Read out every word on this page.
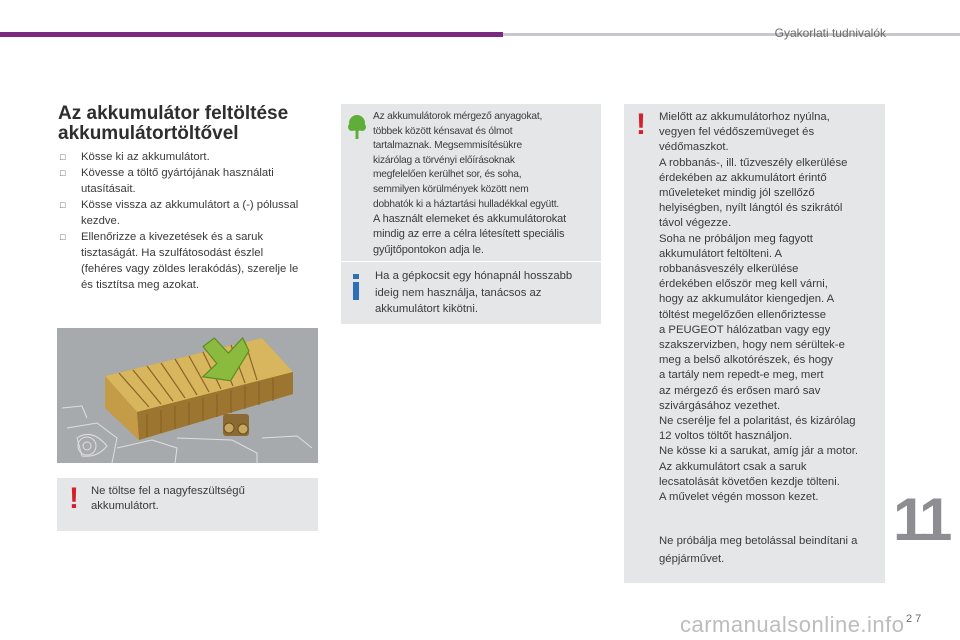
Gyakorlati tudnivalók
Az akkumulátor feltöltése
akkumulátortöltővel
□ Kösse ki az akkumulátort.
□ Kövesse a töltő gyártójának használati
utasításait.
□ Kösse vissza az akkumulátort a (-) pólussal
kezdve.
□ Ellenőrizze a kivezetések és a saruk
tisztaságát. Ha szulfátosodást észlel
(fehéres vagy zöldes lerakódás), szerelje le
és tisztítsa meg azokat.
! Ne töltse fel a nagyfeszültségű
akkumulátort.
Az akkumulátorok mérgező anyagokat,
többek között kénsavat és ólmot
tartalmaznak. Megsemmisítésükre
kizárólag a törvényi előírásoknak
megfelelően kerülhet sor, és soha,
semmilyen körülmények között nem
dobhatók ki a háztartási hulladékkal együtt.
A használt elemeket és akkumulátorokat
mindig az erre a célra létesített speciális
gyűjtőpontokon adja le.
Ha a gépkocsit egy hónapnál hosszabb
ideig nem használja, tanácsos az
akkumulátort kikötni.
! Mielőtt az akkumulátorhoz nyúlna,
vegyen fel védőszemüveget és
védőmaszkot.
A robbanás-, ill. tűzveszély elkerülése
érdekében az akkumulátort érintő
műveleteket mindig jól szellőző
helyiségben, nyílt lángtól és szikrától
távol végezze.
Soha ne próbáljon meg fagyott
akkumulátort feltölteni. A
robbanásveszély elkerülése
érdekében először meg kell várni,
hogy az akkumulátor kiengedjen. A
töltést megelőzően ellenőriztesse
a PEUGEOT hálózatban vagy egy
szakszervizben, hogy nem sérültek-e
meg a belső alkotórészek, és hogy
a tartály nem repedt-e meg, mert
az mérgező és erősen maró sav
szivárgásához vezethet.
Ne cserélje fel a polaritást, és kizárólag
12 voltos töltőt használjon.
Ne kösse ki a sarukat, amíg jár a motor.
Az akkumulátort csak a saruk
lecsatolását követően kezdje tölteni.
A művelet végén mosson kezet.
Ne próbálja meg betolással beindítani a
gépjárművet.
11
carmanualsonline.info 2 7
